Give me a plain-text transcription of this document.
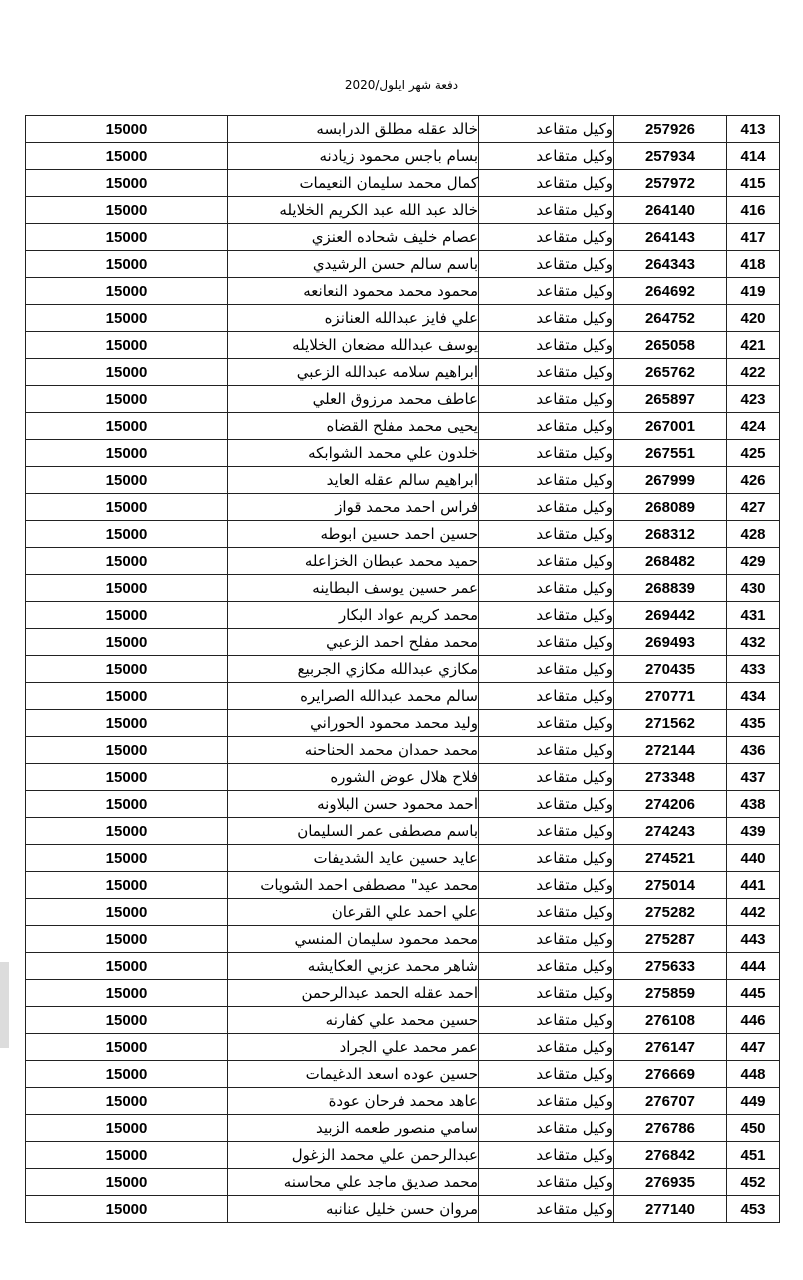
دفعة شهر ايلول/2020
413	257926	وكيل متقاعد	خالد عقله مطلق الدرابسه	15000
414	257934	وكيل متقاعد	بسام باجس محمود زيادنه	15000
415	257972	وكيل متقاعد	كمال محمد سليمان النعيمات	15000
416	264140	وكيل متقاعد	خالد عبد الله عبد الكريم الخلايله	15000
417	264143	وكيل متقاعد	عصام خليف شحاده العنزي	15000
418	264343	وكيل متقاعد	باسم سالم حسن الرشيدي	15000
419	264692	وكيل متقاعد	محمود محمد محمود النعانعه	15000
420	264752	وكيل متقاعد	علي فايز عبدالله العنانزه	15000
421	265058	وكيل متقاعد	يوسف عبدالله مضعان الخلايله	15000
422	265762	وكيل متقاعد	ابراهيم سلامه عبدالله الزعبي	15000
423	265897	وكيل متقاعد	عاطف محمد مرزوق العلي	15000
424	267001	وكيل متقاعد	يحيى محمد مفلح القضاه	15000
425	267551	وكيل متقاعد	خلدون علي محمد الشوابكه	15000
426	267999	وكيل متقاعد	ابراهيم سالم عقله العايد	15000
427	268089	وكيل متقاعد	فراس احمد محمد قواز	15000
428	268312	وكيل متقاعد	حسين احمد حسين ابوطه	15000
429	268482	وكيل متقاعد	حميد محمد عبطان الخزاعله	15000
430	268839	وكيل متقاعد	عمر حسين يوسف البطاينه	15000
431	269442	وكيل متقاعد	محمد كريم عواد البكار	15000
432	269493	وكيل متقاعد	محمد مفلح احمد الزعبي	15000
433	270435	وكيل متقاعد	مكازي عبدالله مكازي الجربيع	15000
434	270771	وكيل متقاعد	سالم محمد عبدالله الصرايره	15000
435	271562	وكيل متقاعد	وليد محمد محمود الحوراني	15000
436	272144	وكيل متقاعد	محمد حمدان محمد الحناحنه	15000
437	273348	وكيل متقاعد	فلاح هلال عوض الشوره	15000
438	274206	وكيل متقاعد	احمد محمود حسن البلاونه	15000
439	274243	وكيل متقاعد	باسم مصطفى عمر السليمان	15000
440	274521	وكيل متقاعد	عايد حسين عايد الشديفات	15000
441	275014	وكيل متقاعد	محمد عيد" مصطفى احمد الشويات	15000
442	275282	وكيل متقاعد	علي احمد علي القرعان	15000
443	275287	وكيل متقاعد	محمد محمود سليمان المنسي	15000
444	275633	وكيل متقاعد	شاهر محمد عزبي العكايشه	15000
445	275859	وكيل متقاعد	احمد عقله الحمد عبدالرحمن	15000
446	276108	وكيل متقاعد	حسين محمد علي كفارنه	15000
447	276147	وكيل متقاعد	عمر محمد علي الجراد	15000
448	276669	وكيل متقاعد	حسين عوده اسعد الدغيمات	15000
449	276707	وكيل متقاعد	عاهد محمد فرحان عودة	15000
450	276786	وكيل متقاعد	سامي منصور طعمه الزبيد	15000
451	276842	وكيل متقاعد	عبدالرحمن علي محمد الزغول	15000
452	276935	وكيل متقاعد	محمد صديق ماجد علي محاسنه	15000
453	277140	وكيل متقاعد	مروان حسن خليل عنانبه	15000
